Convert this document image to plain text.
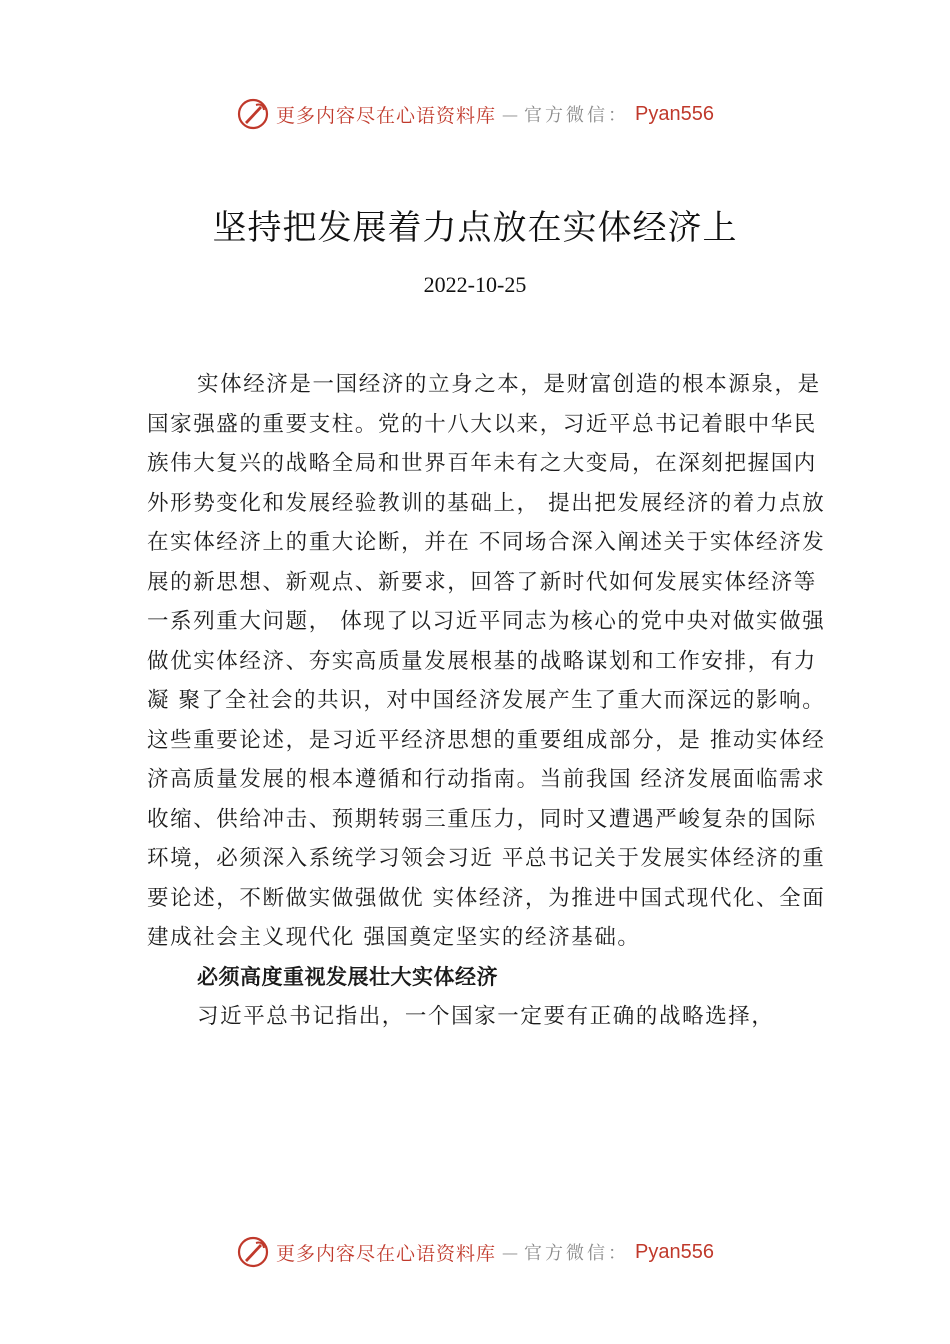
更多内容尽在心语资料库 — 官方微信： Pyan556
坚持把发展着力点放在实体经济上
2022-10-25

实体经济是一国经济的立身之本，是财富创造的根本源泉，是国家强盛的重要支柱。党的十八大以来，习近平总书记着眼中华民族伟大复兴的战略全局和世界百年未有之大变局，在深刻把握国内外形势变化和发展经验教训的基础上， 提出把发展经济的着力点放在实体经济上的重大论断，并在 不同场合深入阐述关于实体经济发展的新思想、新观点、新要求，回答了新时代如何发展实体经济等一系列重大问题， 体现了以习近平同志为核心的党中央对做实做强做优实体经济、夯实高质量发展根基的战略谋划和工作安排，有力凝 聚了全社会的共识，对中国经济发展产生了重大而深远的影响。这些重要论述，是习近平经济思想的重要组成部分，是 推动实体经济高质量发展的根本遵循和行动指南。当前我国 经济发展面临需求收缩、供给冲击、预期转弱三重压力，同时又遭遇严峻复杂的国际环境，必须深入系统学习领会习近 平总书记关于发展实体经济的重要论述，不断做实做强做优 实体经济，为推进中国式现代化、全面建成社会主义现代化 强国奠定坚实的经济基础。

必须高度重视发展壮大实体经济

习近平总书记指出，一个国家一定要有正确的战略选择，

更多内容尽在心语资料库 — 官方微信： Pyan556
